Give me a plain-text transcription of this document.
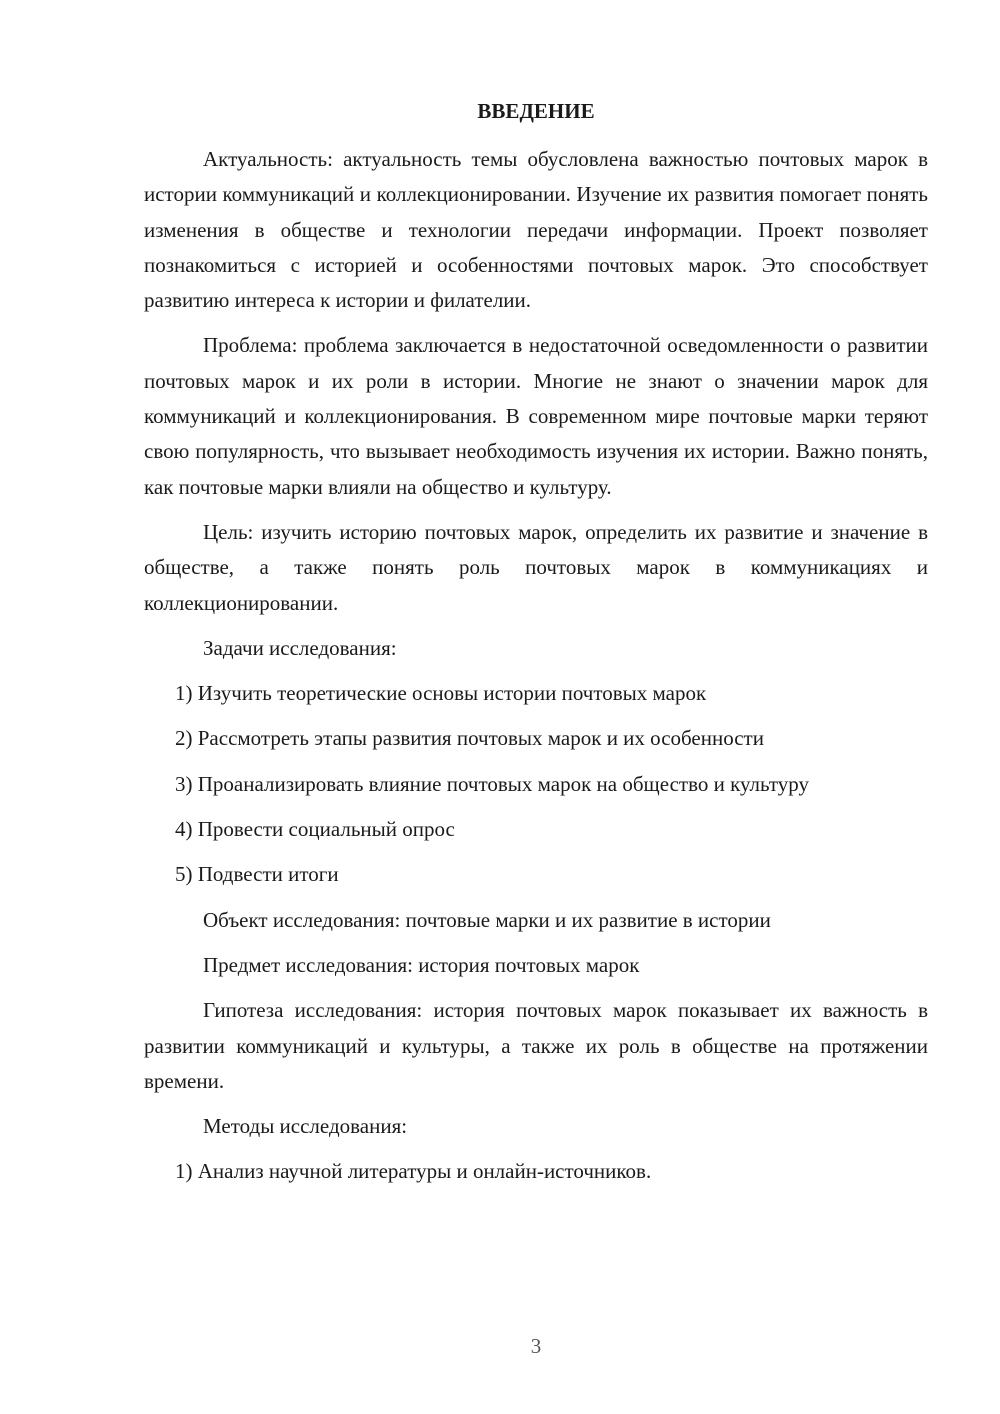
ВВЕДЕНИЕ

Актуальность: актуальность темы обусловлена важностью почтовых марок в истории коммуникаций и коллекционировании. Изучение их развития помогает понять изменения в обществе и технологии передачи информации. Проект позволяет познакомиться с историей и особенностями почтовых марок. Это способствует развитию интереса к истории и филателии.

Проблема: проблема заключается в недостаточной осведомленности о развитии почтовых марок и их роли в истории. Многие не знают о значении марок для коммуникаций и коллекционирования. В современном мире почтовые марки теряют свою популярность, что вызывает необходимость изучения их истории. Важно понять, как почтовые марки влияли на общество и культуру.

Цель: изучить историю почтовых марок, определить их развитие и значение в обществе, а также понять роль почтовых марок в коммуникациях и коллекционировании.

Задачи исследования:

1) Изучить теоретические основы истории почтовых марок

2) Рассмотреть этапы развития почтовых марок и их особенности

3) Проанализировать влияние почтовых марок на общество и культуру

4) Провести социальный опрос

5) Подвести итоги

Объект исследования: почтовые марки и их развитие в истории

Предмет исследования: история почтовых марок

Гипотеза исследования: история почтовых марок показывает их важность в развитии коммуникаций и культуры, а также их роль в обществе на протяжении времени.

Методы исследования:

1) Анализ научной литературы и онлайн-источников.

3
